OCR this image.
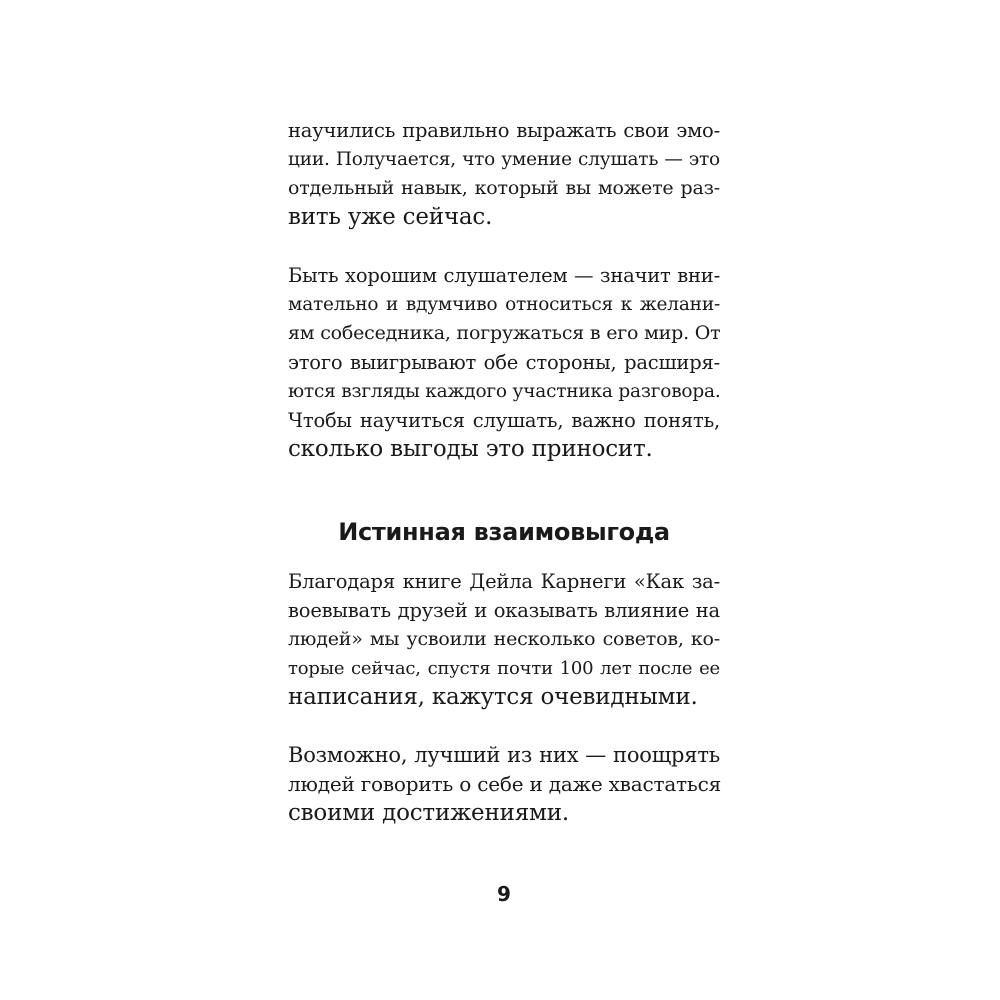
научились правильно выражать свои эмо-
ции. Получается, что умение слушать — это
отдельный навык, который вы можете раз-
вить уже сейчас.
Быть хорошим слушателем — значит вни-
мательно и вдумчиво относиться к желани-
ям собеседника, погружаться в его мир. От
этого выигрывают обе стороны, расширя-
ются взгляды каждого участника разговора.
Чтобы научиться слушать, важно понять,
сколько выгоды это приносит.
Истинная взаимовыгода
Благодаря книге Дейла Карнеги «Как за-
воевывать друзей и оказывать влияние на
людей» мы усвоили несколько советов, ко-
торые сейчас, спустя почти 100 лет после ее
написания, кажутся очевидными.
Возможно, лучший из них — поощрять
людей говорить о себе и даже хвастаться
своими достижениями.
9
